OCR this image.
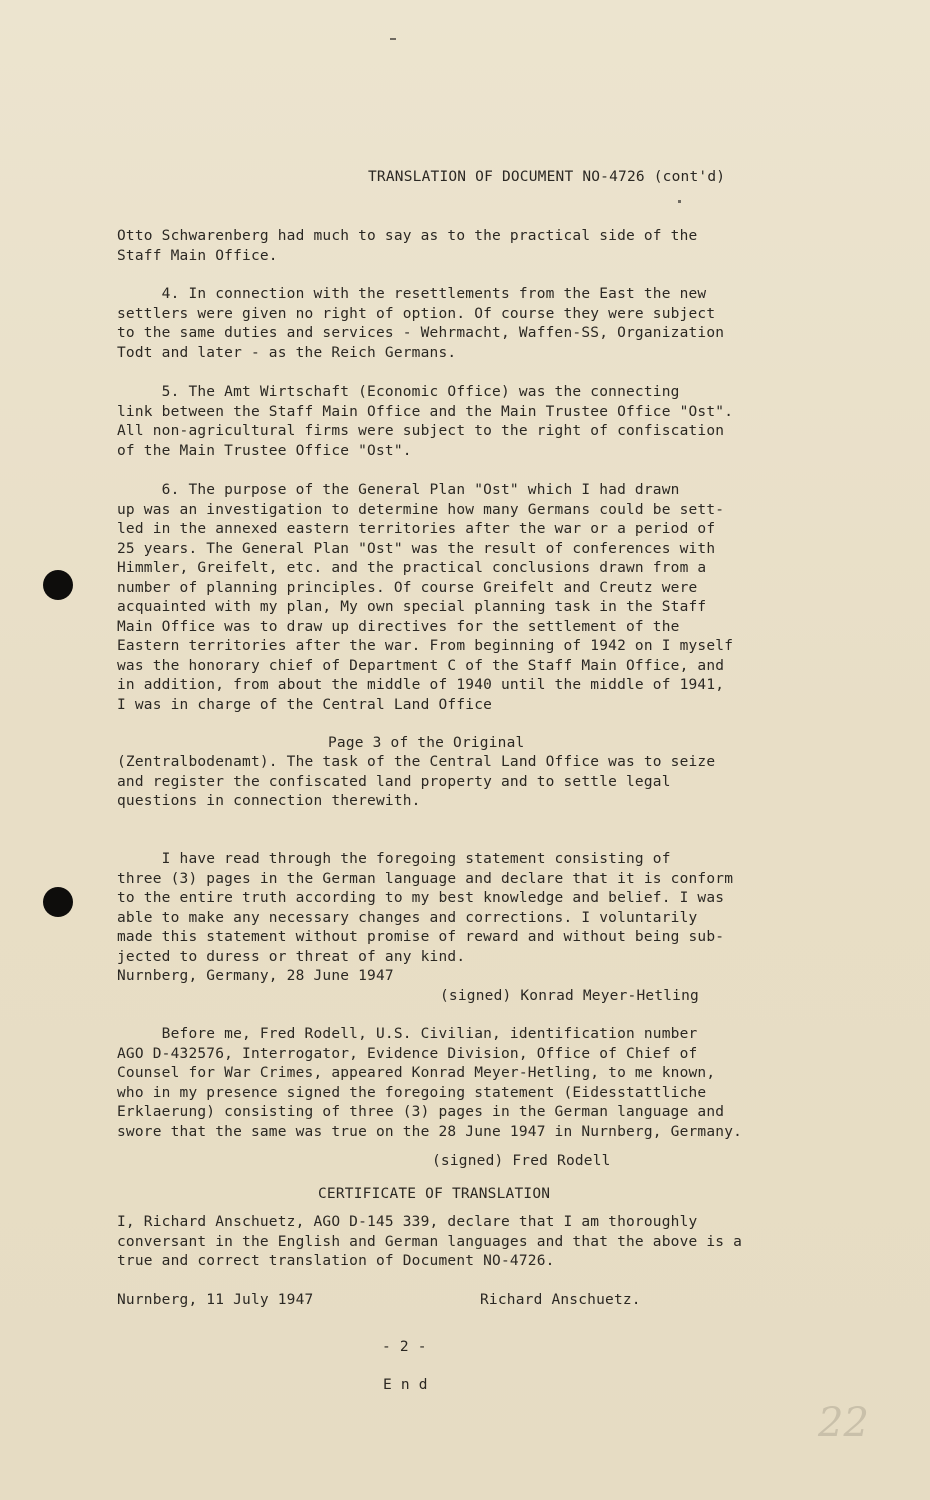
TRANSLATION OF DOCUMENT NO-4726 (cont'd)
Otto Schwarenberg had much to say as to the practical side of the
Staff Main Office.
4. In connection with the resettlements from the East the new
settlers were given no right of option. Of course they were subject
to the same duties and services - Wehrmacht, Waffen-SS, Organization
Todt and later - as the Reich Germans.
5. The Amt Wirtschaft (Economic Office) was the connecting
link between the Staff Main Office and the Main Trustee Office "Ost".
All non-agricultural firms were subject to the right of confiscation
of the Main Trustee Office "Ost".
6. The purpose of the General Plan "Ost" which I had drawn
up was an investigation to determine how many Germans could be sett-
led in the annexed eastern territories after the war or a period of
25 years. The General Plan "Ost" was the result of conferences with
Himmler, Greifelt, etc. and the practical conclusions drawn from a
number of planning principles. Of course Greifelt and Creutz were
acquainted with my plan, My own special planning task in the Staff
Main Office was to draw up directives for the settlement of the
Eastern territories after the war. From beginning of 1942 on I myself
was the honorary chief of Department C of the Staff Main Office, and
in addition, from about the middle of 1940 until the middle of 1941,
I was in charge of the Central Land Office
Page 3 of the Original
(Zentralbodenamt). The task of the Central Land Office was to seize
and register the confiscated land property and to settle legal
questions in connection therewith.
I have read through the foregoing statement consisting of
three (3) pages in the German language and declare that it is conform
to the entire truth according to my best knowledge and belief. I was
able to make any necessary changes and corrections. I voluntarily
made this statement without promise of reward and without being sub-
jected to duress or threat of any kind.
Nurnberg, Germany, 28 June 1947
(signed) Konrad Meyer-Hetling
Before me, Fred Rodell, U.S. Civilian, identification number
AGO D-432576, Interrogator, Evidence Division, Office of Chief of
Counsel for War Crimes, appeared Konrad Meyer-Hetling, to me known,
who in my presence signed the foregoing statement (Eidesstattliche
Erklaerung) consisting of three (3) pages in the German language and
swore that the same was true on the 28 June 1947 in Nurnberg, Germany.
(signed) Fred Rodell
CERTIFICATE OF TRANSLATION
I, Richard Anschuetz, AGO D-145 339, declare that I am thoroughly
conversant in the English and German languages and that the above is a
true and correct translation of Document NO-4726.
Nurnberg, 11 July 1947	Richard Anschuetz.
- 2 -
E n d
22
